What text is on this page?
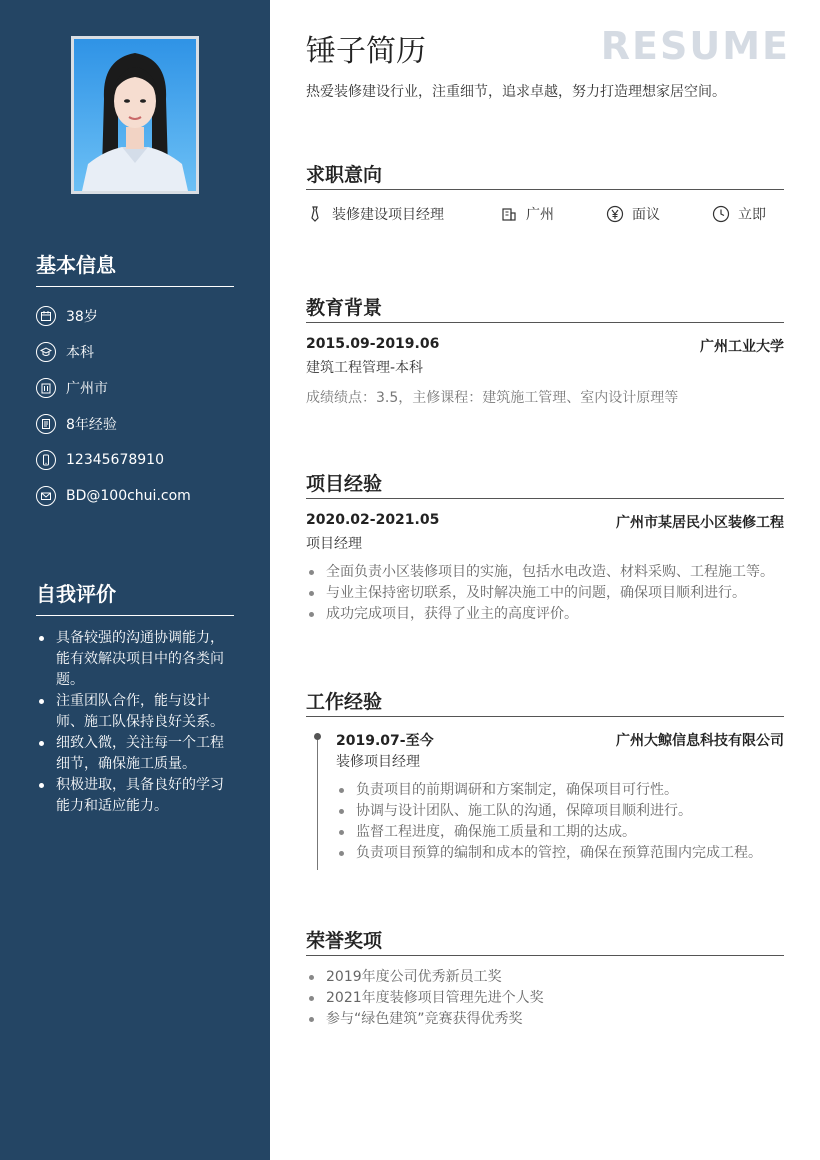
基本信息
38岁
本科
广州市
8年经验
12345678910
BD@100chui.com
自我评价
具备较强的沟通协调能力，能有效解决项目中的各类问题。
注重团队合作，能与设计师、施工队保持良好关系。
细致入微，关注每一个工程细节，确保施工质量。
积极进取，具备良好的学习能力和适应能力。
锤子简历	RESUME
热爱装修建设行业，注重细节，追求卓越，努力打造理想家居空间。
求职意向
装修建设项目经理	广州	面议	立即
教育背景
2015.09-2019.06	广州工业大学
建筑工程管理-本科
成绩绩点：3.5，主修课程：建筑施工管理、室内设计原理等
项目经验
2020.02-2021.05	广州市某居民小区装修工程
项目经理
全面负责小区装修项目的实施，包括水电改造、材料采购、工程施工等。
与业主保持密切联系，及时解决施工中的问题，确保项目顺利进行。
成功完成项目，获得了业主的高度评价。
工作经验
2019.07-至今	广州大鲸信息科技有限公司
装修项目经理
负责项目的前期调研和方案制定，确保项目可行性。
协调与设计团队、施工队的沟通，保障项目顺利进行。
监督工程进度，确保施工质量和工期的达成。
负责项目预算的编制和成本的管控，确保在预算范围内完成工程。
荣誉奖项
2019年度公司优秀新员工奖
2021年度装修项目管理先进个人奖
参与“绿色建筑”竞赛获得优秀奖
